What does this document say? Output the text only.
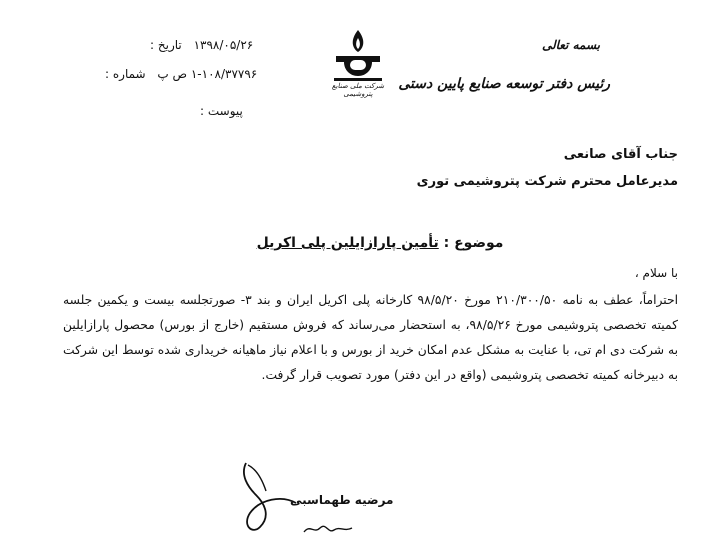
تاریخ : ۱۳۹۸/۰۵/۲۶
شماره : ۱-۱۰۸/۳۷۷۹۶ ص پ
پیوست :
شرکت ملی صنایع پتروشیمی
بسمه تعالی
رئیس دفتر توسعه صنایع پایین دستی
جناب آقای صانعی
مدیرعامل محترم شرکت پتروشیمی توری
موضوع : تأمین پارازایلین پلی اکریل
با سلام ،
احتراماً، عطف به نامه ۲۱۰/۳۰۰/۵۰ مورخ ۹۸/۵/۲۰ کارخانه پلی اکریل ایران و بند ۳- صورتجلسه بیست و یکمین جلسه کمیته تخصصی پتروشیمی مورخ ۹۸/۵/۲۶، به استحضار می‌رساند که فروش مستقیم (خارج از بورس) محصول پارازایلین به شرکت دی ام تی، با عنایت به مشکل عدم امکان خرید از بورس و با اعلام نیاز ماهیانه خریداری شده توسط این شرکت به دبیرخانه کمیته تخصصی پتروشیمی (واقع در این دفتر) مورد تصویب قرار گرفت.
مرضیه طهماسبی
